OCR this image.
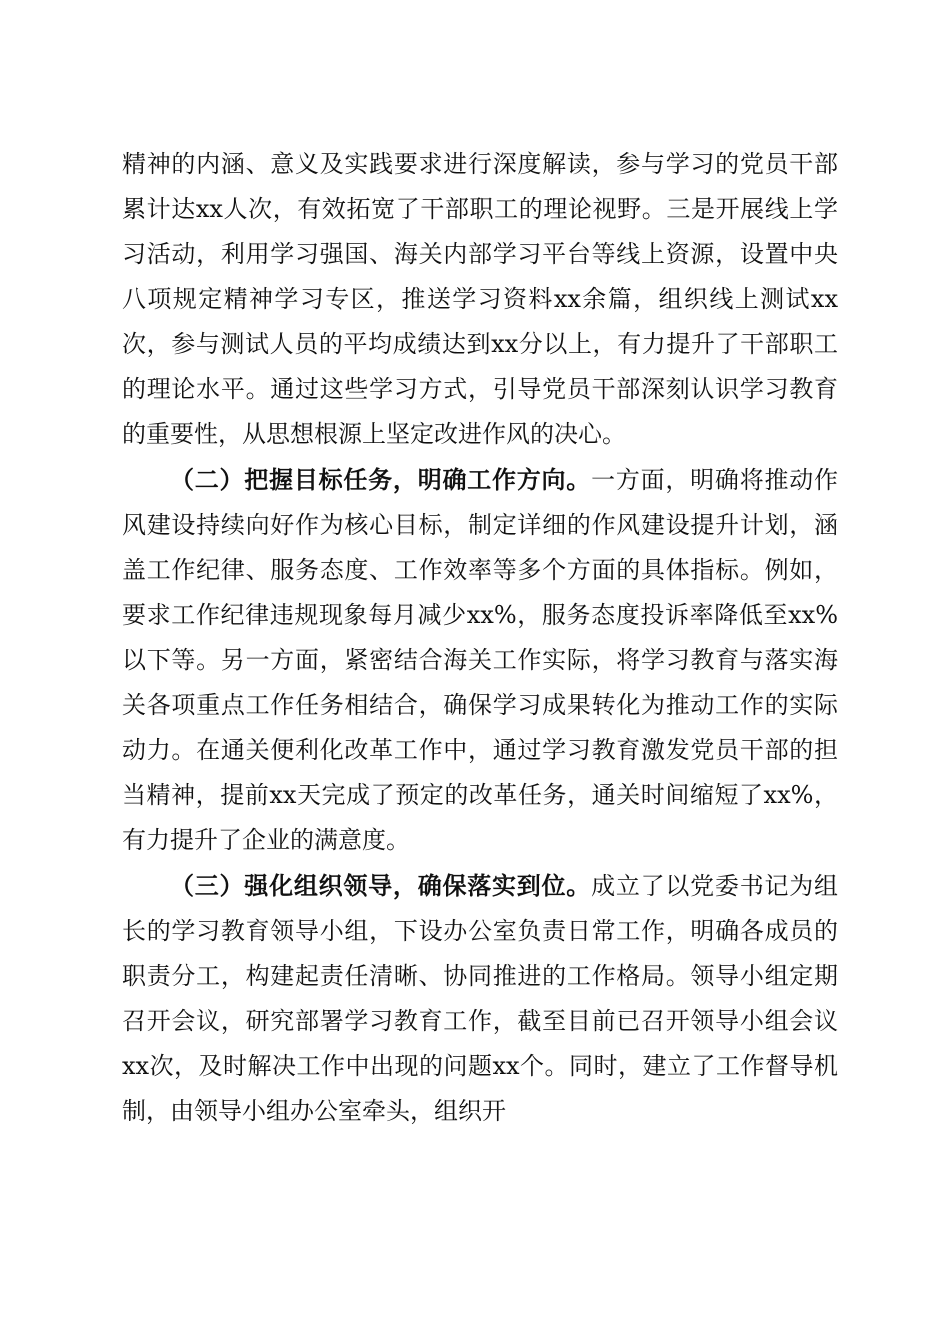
精神的内涵、意义及实践要求进行深度解读，参与学习的党员干部累计达xx人次，有效拓宽了干部职工的理论视野。三是开展线上学习活动，利用学习强国、海关内部学习平台等线上资源，设置中央八项规定精神学习专区，推送学习资料xx余篇，组织线上测试xx次，参与测试人员的平均成绩达到xx分以上，有力提升了干部职工的理论水平。通过这些学习方式，引导党员干部深刻认识学习教育的重要性，从思想根源上坚定改进作风的决心。

（二）把握目标任务，明确工作方向。一方面，明确将推动作风建设持续向好作为核心目标，制定详细的作风建设提升计划，涵盖工作纪律、服务态度、工作效率等多个方面的具体指标。例如，要求工作纪律违规现象每月减少xx%，服务态度投诉率降低至xx%以下等。另一方面，紧密结合海关工作实际，将学习教育与落实海关各项重点工作任务相结合，确保学习成果转化为推动工作的实际动力。在通关便利化改革工作中，通过学习教育激发党员干部的担当精神，提前xx天完成了预定的改革任务，通关时间缩短了xx%，有力提升了企业的满意度。

（三）强化组织领导，确保落实到位。成立了以党委书记为组长的学习教育领导小组，下设办公室负责日常工作，明确各成员的职责分工，构建起责任清晰、协同推进的工作格局。领导小组定期召开会议，研究部署学习教育工作，截至目前已召开领导小组会议xx次，及时解决工作中出现的问题xx个。同时，建立了工作督导机制，由领导小组办公室牵头，组织开
